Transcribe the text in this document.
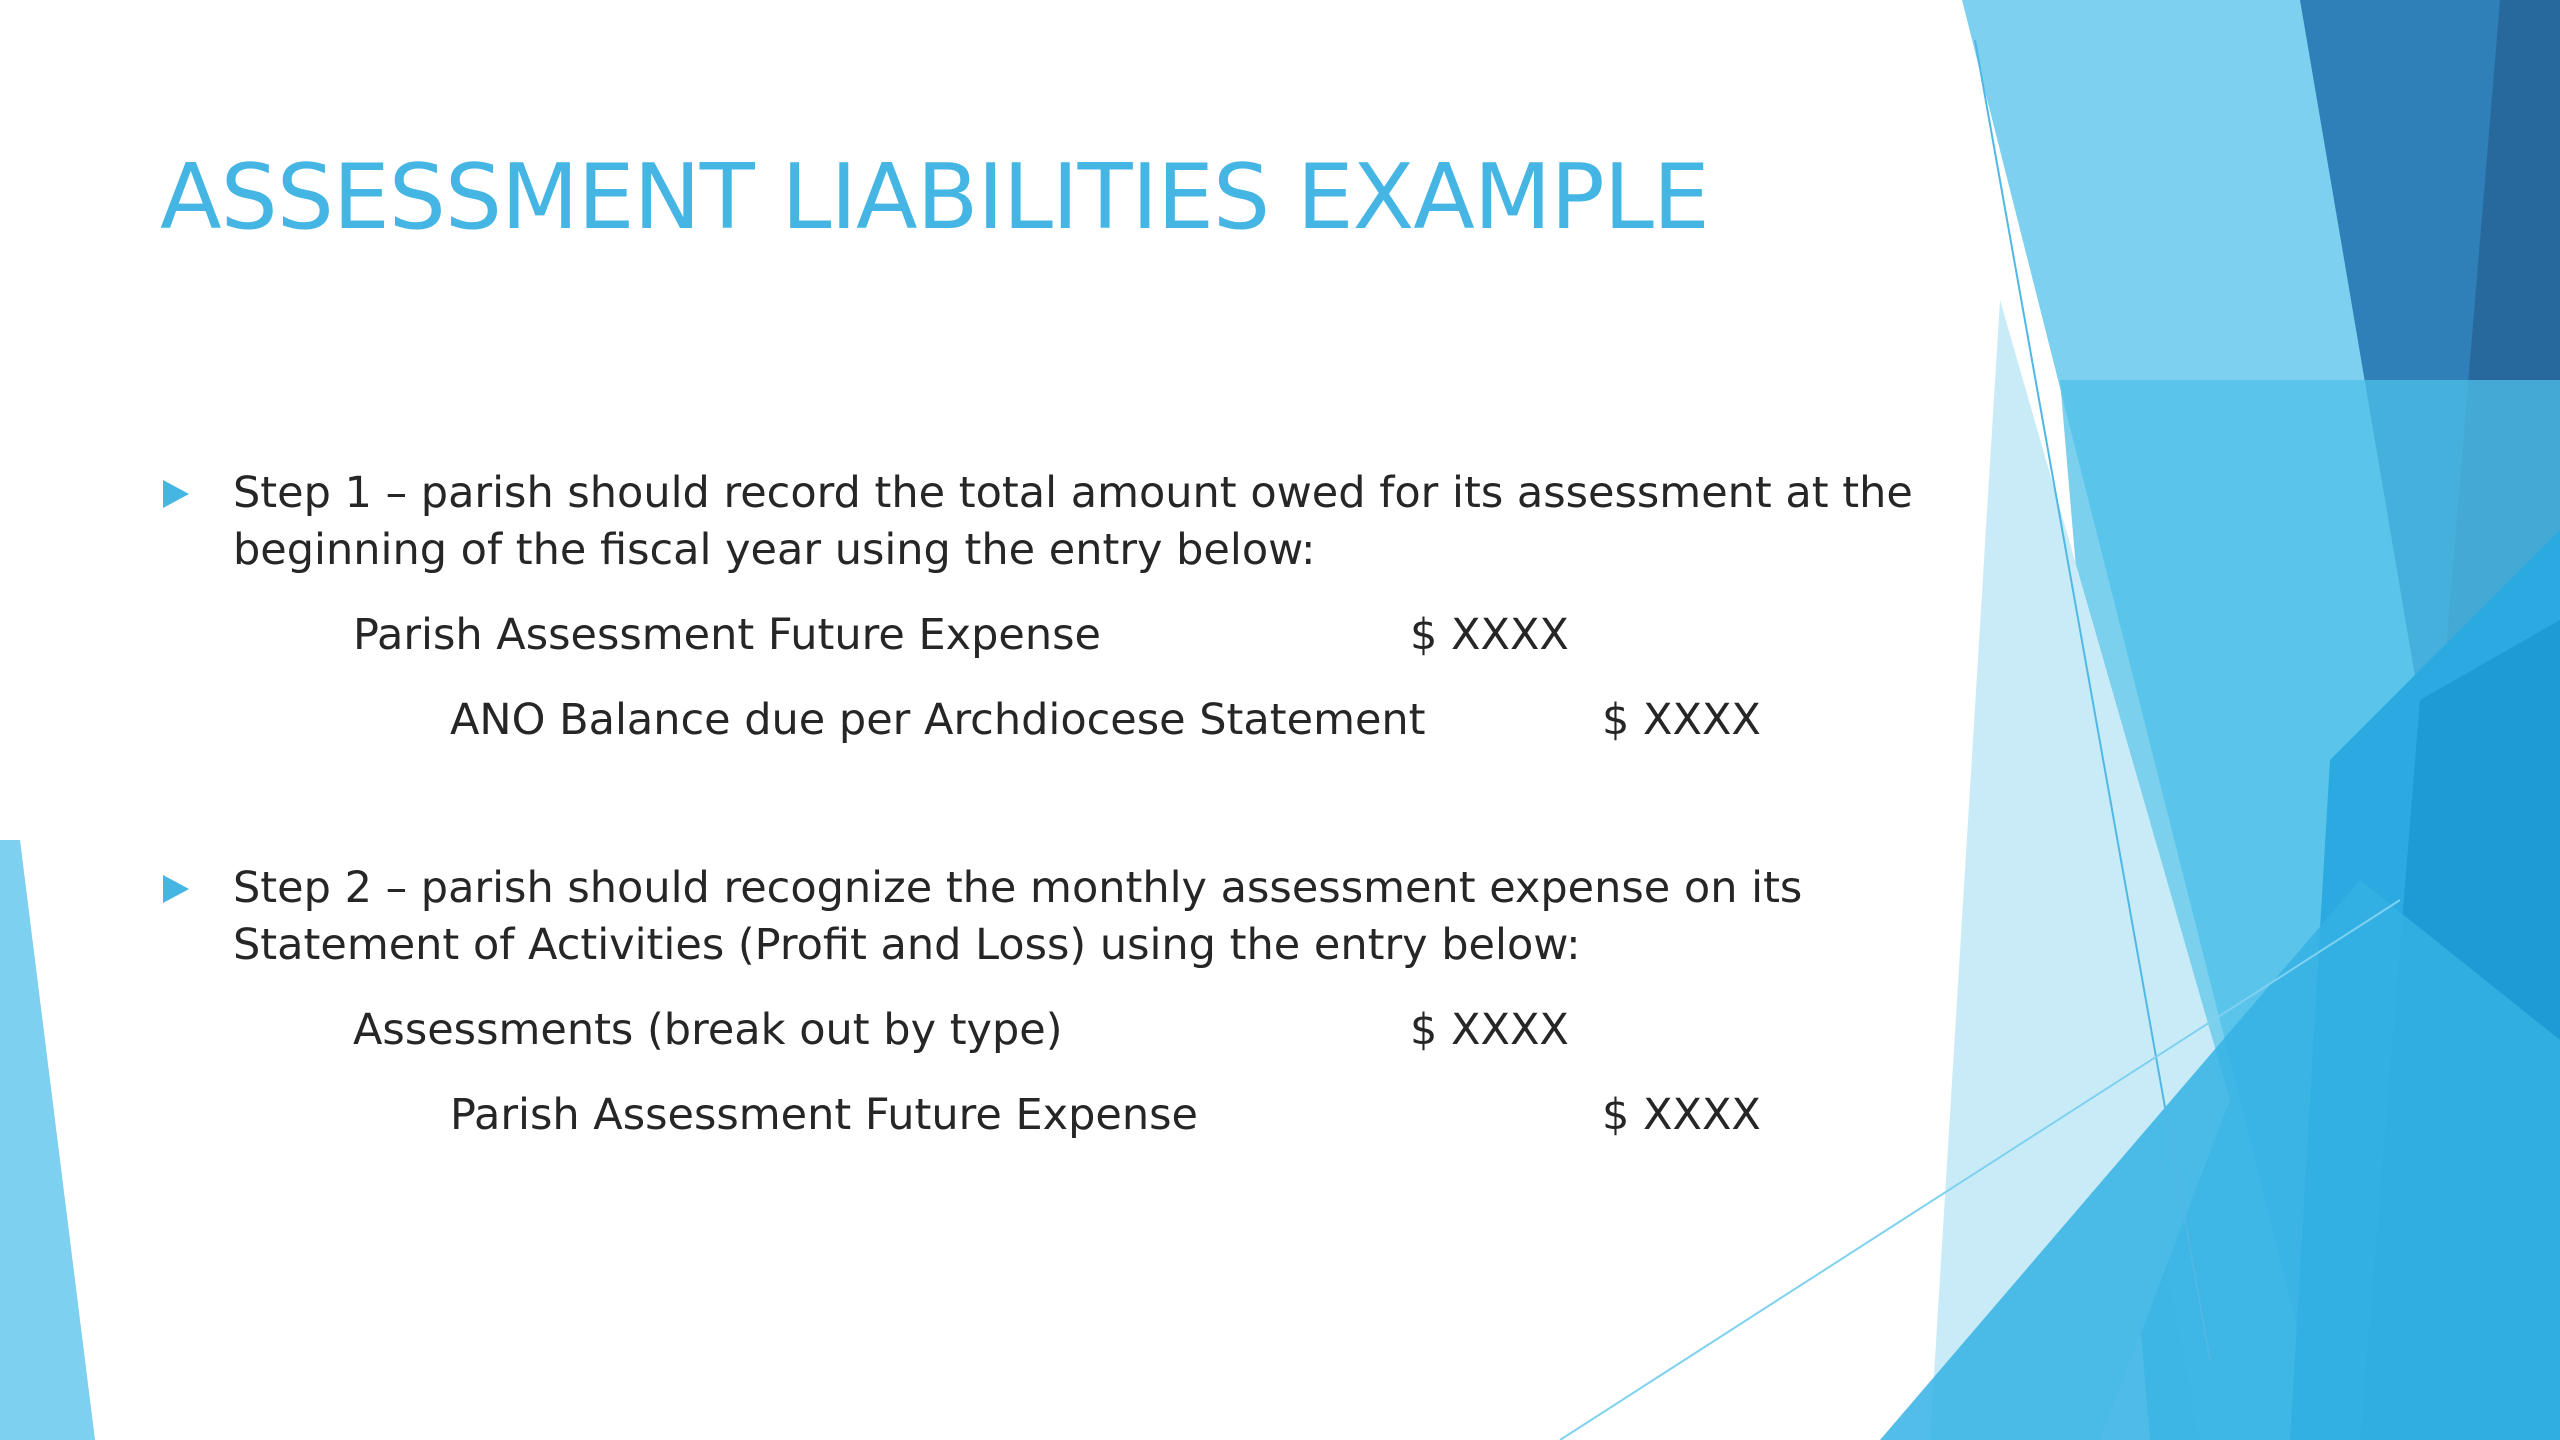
ASSESSMENT LIABILITIES EXAMPLE
Step 1 – parish should record the total amount owed for its assessment at the beginning of the fiscal year using the entry below:
Parish Assessment Future Expense	$ XXXX
ANO Balance due per Archdiocese Statement	$ XXXX
Step 2 – parish should recognize the monthly assessment expense on its Statement of Activities (Profit and Loss) using the entry below:
Assessments (break out by type)	$ XXXX
Parish Assessment Future Expense	$ XXXX
